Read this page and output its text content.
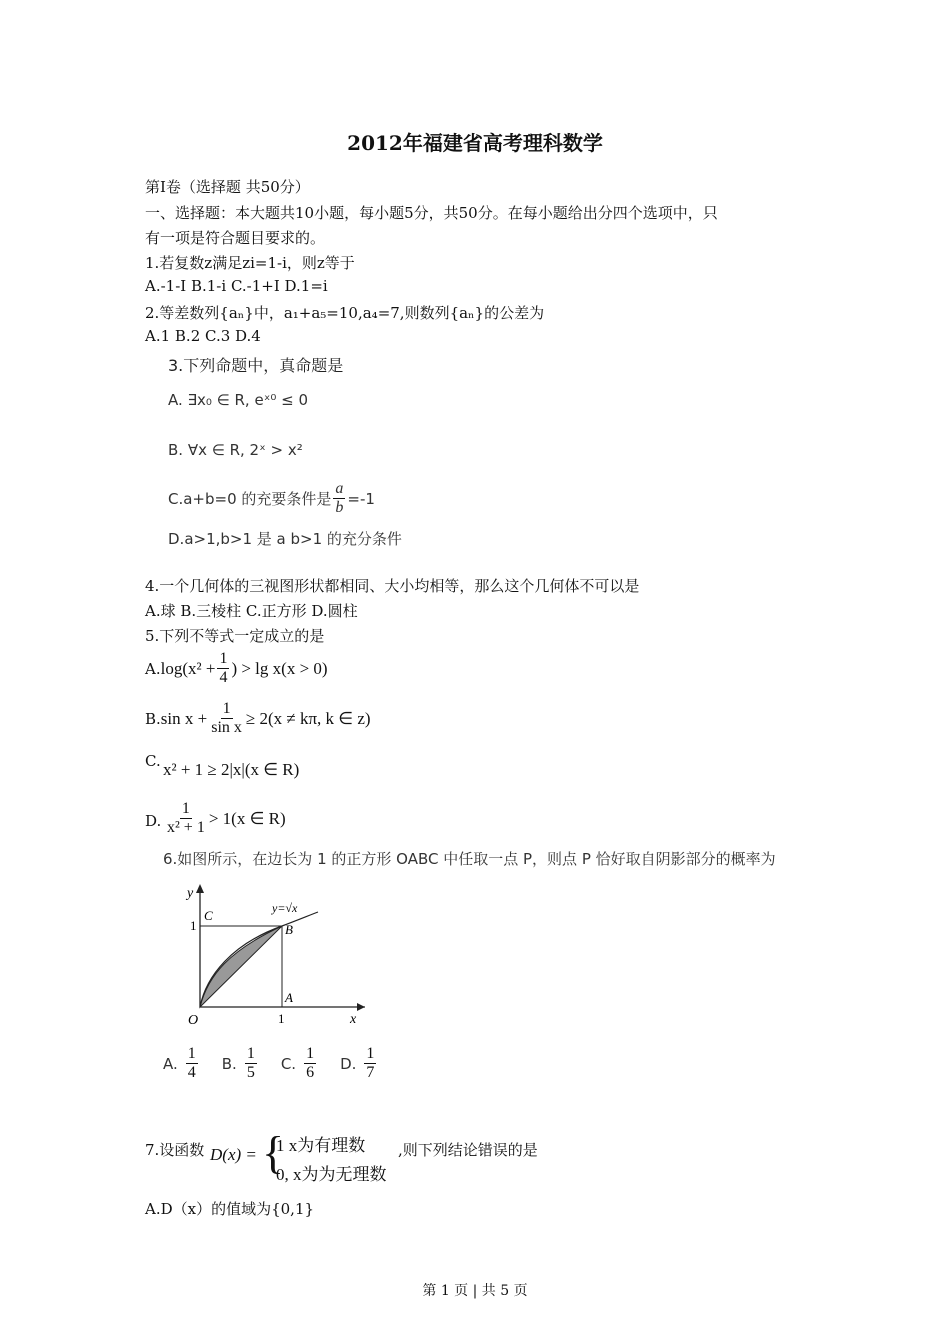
2012年福建省高考理科数学
第Ⅰ卷（选择题 共50分）
一、选择题：本大题共10小题，每小题5分，共50分。在每小题给出分四个选项中，只
有一项是符合题目要求的。
1.若复数z满足zi=1-i，则z等于
A.-1-I B.1-i C.-1+I D.1=i
2.等差数列{aₙ}中，a₁+a₅=10,a₄=7,则数列{aₙ}的公差为
A.1 B.2 C.3 D.4
3.下列命题中，真命题是
A. ∃x₀ ∈ R, eˣ⁰ ≤ 0
B. ∀x ∈ R, 2ˣ > x²
C.a+b=0 的充要条件是 $\frac{a}{b} =-1$
D.a>1,b>1 是 a b>1 的充分条件
4.一个几何体的三视图形状都相同、大小均相等，那么这个几何体不可以是
A.球 B.三棱柱 C.正方形 D.圆柱
5.下列不等式一定成立的是
A. $\log(x^2 + \frac{1}{4}$ ) > lg x(x > 0)
B. $\sin x + \frac{1}{\text{sin x}} \ge 2(x \ne k\pi$, k ∈ z)
C. x² + 1 ≥ 2|x|(x ∈ R)
D. $\frac{1}{\text{x² + 1}} > 1(x$ ∈ R)
6.如图所示，在边长为 1 的正方形 OABC 中任取一点 P，则点 P 恰好取自阴影部分的概率为
y
x
O
C
B
A
1
1
y=√x
A. $\frac{1}{4} B$. $\frac{1}{5} C$. $\frac{1}{6} D$. $\frac{1}{7}$
7.设函数 D(x) = {
1 x为有理数
0, x为为无理数
,则下列结论错误的是
A.D（x）的值域为{0,1}
第 1 页 | 共 5 页
